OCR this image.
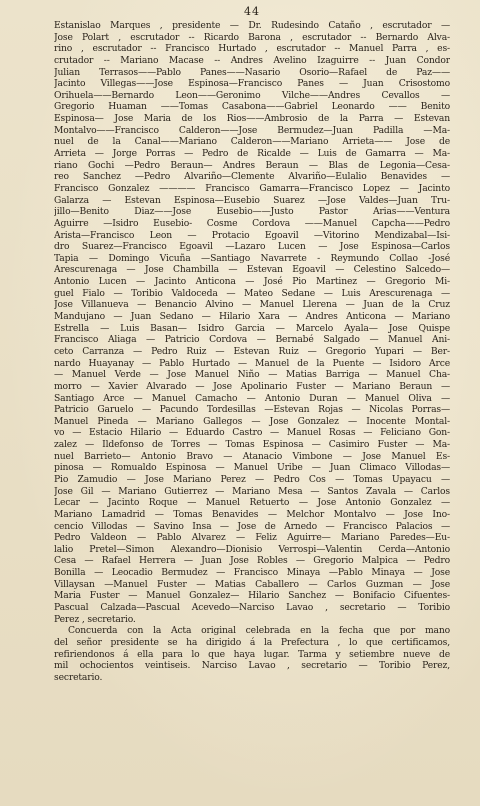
44
Estanislao Marques , presidente — Dr. Rudesindo Cataño , escrutador —
Jose Polart , escrutador -- Ricardo Barona , escrutador -- Bernardo Alva-
rino , escrutador -- Francisco Hurtado , escrutador -- Manuel Parra , es-
crutador -- Mariano Macase -- Andres Avelino Izaguirre -- Juan Condor
Julian Terrasos——Pablo Panes——Nasario Osorio—Rafael de Paz——
Jacinto Villegas——Jose Espinosa—Francisco Panes — Juan Crisostomo
Orihuela——Bernardo Leon——Geronimo Vilche——Andres Cevallos —
Gregorio Huaman ——Tomas Casabona——Gabriel Leonardo —— Benito
Espinosa— Jose Maria de los Rios——Ambrosio de la Parra — Estevan
Montalvo——Francisco Calderon——Jose Bermudez—Juan Padilla —Ma-
nuel de la Canal——Mariano Calderon——Mariano Arrieta—— Jose de
Arrieta — Jorge Porras — Pedro de Ricalde — Luis de Gamarra — Ma-
riano Gochi —Pedro Beraun— Andres Beraun — Blas de Legonia—Cesa-
reo Sanchez —Pedro Alvariño—Clemente Alvariño—Eulalio Benavides —
Francisco Gonzalez ———— Francisco Gamarra—Francisco Lopez — Jacinto
Galarza — Estevan Espinosa—Eusebio Suarez —Jose Valdes—Juan Tru-
jillo—Benito Diaz——Jose Eusebio——Justo Pastor Arias——Ventura
Aguirre —Isidro Eusebio- Cosme Cordova ——Manuel Capcha——Pedro
Arista—Francisco Leon — Protacio Egoavil —Vitorino Mendizabal—Isi-
dro Suarez—Francisco Egoavil —Lazaro Lucen — Jose Espinosa—Carlos
Tapia — Domingo Vicuña —Santiago Navarrete - Reymundo Collao -José
Arescurenaga — Jose Chambilla — Estevan Egoavil — Celestino Salcedo—
Antonio Lucen — Jacinto Anticona — José Pio Martinez — Gregorio Mi-
guel Fialo — Toribio Valdoceda — Mateo Sedane — Luis Arescurenaga —
Jose Villanueva — Benancio Alvino — Manuel Llerena — Juan de la Cruz
Mandujano — Juan Sedano — Hilario Xara — Andres Anticona — Mariano
Estrella — Luis Basan— Isidro Garcia — Marcelo Ayala— Jose Quispe
Francisco Aliaga — Patricio Cordova — Bernabé Salgado — Manuel Ani-
ceto Carranza — Pedro Ruiz — Estevan Ruiz — Gregorio Yupari — Ber-
nardo Huayanay — Pablo Hurtado — Manuel de la Puente — Isidoro Arce
— Manuel Verde — Jose Manuel Niño — Matias Barriga — Manuel Cha-
morro — Xavier Alvarado — Jose Apolinario Fuster — Mariano Beraun —
Santiago Arce — Manuel Camacho — Antonio Duran — Manuel Oliva —
Patricio Garuelo — Pacundo Tordesillas —Estevan Rojas — Nicolas Porras—
Manuel Pineda — Mariano Gallegos — Jose Gonzalez — Inocente Montal-
vo — Estacio Hilario — Eduardo Castro — Manuel Rosas — Feliciano Gon-
zalez — Ildefonso de Torres — Tomas Espinosa — Casimiro Fuster — Ma-
nuel Barrieto— Antonio Bravo — Atanacio Vimbone — Jose Manuel Es-
pinosa — Romualdo Espinosa — Manuel Uribe — Juan Climaco Villodas—
Pio Zamudio — Jose Mariano Perez — Pedro Cos — Tomas Upayacu —
Jose Gil — Mariano Gutierrez — Mariano Mesa — Santos Zavala — Carlos
Lecar — Jacinto Roque — Manuel Retuerto — Jose Antonio Gonzalez —
Mariano Lamadrid — Tomas Benavides — Melchor Montalvo — Jose Ino-
cencio Villodas — Savino Insa — Jose de Arnedo — Francisco Palacios —
Pedro Valdeon — Pablo Alvarez — Feliz Aguirre— Mariano Paredes—Eu-
lalio Pretel—Simon Alexandro—Dionisio Verrospi—Valentin Cerda—Antonio
Cesa — Rafael Herrera — Juan Jose Robles — Gregorio Malpica — Pedro
Bonilla — Leocadio Bermudez — Francisco Minaya —Pablo Minaya — Jose
Villaysan —Manuel Fuster — Matias Caballero — Carlos Guzman — Jose
Maria Fuster — Manuel Gonzalez— Hilario Sanchez — Bonifacio Cifuentes-
Pascual Calzada—Pascual Acevedo—Narciso Lavao , secretario — Toribio
Perez , secretario.
Concuerda con la Acta original celebrada en la fecha que por mano
del señor presidente se ha dirigido á la Prefectura , lo que certificamos,
refiriendonos á ella para lo que haya lugar. Tarma y setiembre nueve de
mil ochocientos veintiseis. Narciso Lavao , secretario — Toribio Perez,
secretario.
